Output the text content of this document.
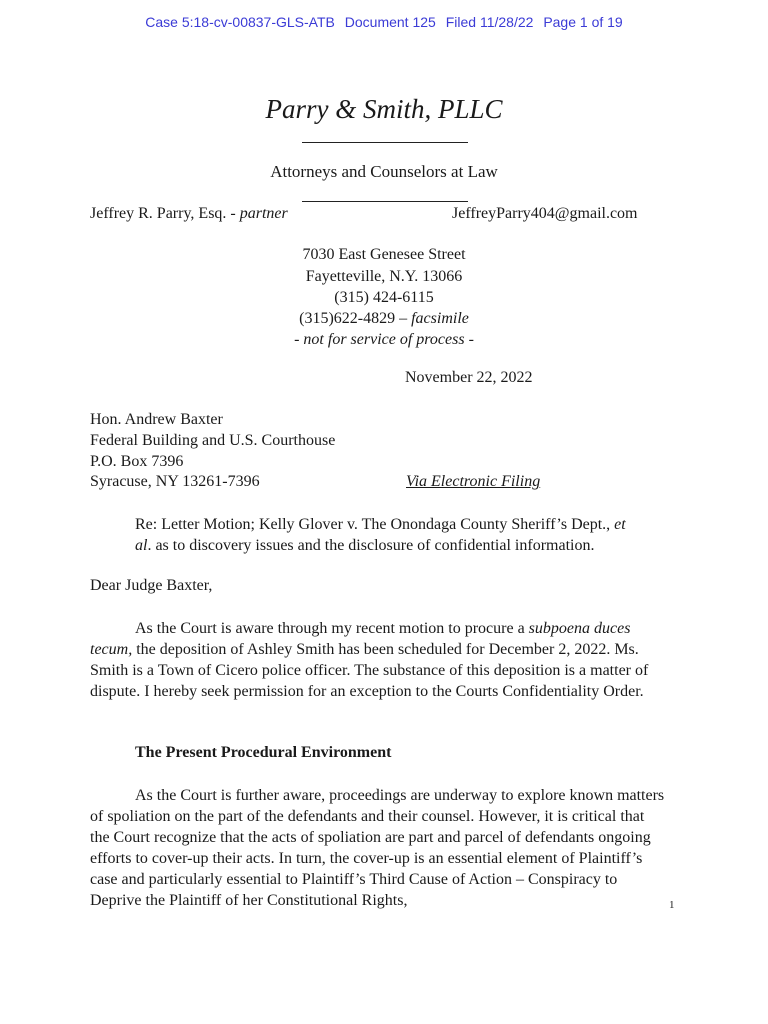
Case 5:18-cv-00837-GLS-ATB Document 125 Filed 11/28/22 Page 1 of 19
Parry & Smith, PLLC
Attorneys and Counselors at Law
Jeffrey R. Parry, Esq. - partner	JeffreyParry404@gmail.com
7030 East Genesee Street
Fayetteville, N.Y. 13066
(315) 424-6115
(315)622-4829 – facsimile
- not for service of process -
November 22, 2022
Hon. Andrew Baxter
Federal Building and U.S. Courthouse
P.O. Box 7396
Syracuse, NY 13261-7396	Via Electronic Filing
Re: Letter Motion; Kelly Glover v. The Onondaga County Sheriff’s Dept., et
al. as to discovery issues and the disclosure of confidential information.
Dear Judge Baxter,
As the Court is aware through my recent motion to procure a subpoena duces tecum, the deposition of Ashley Smith has been scheduled for December 2, 2022. Ms. Smith is a Town of Cicero police officer. The substance of this deposition is a matter of dispute. I hereby seek permission for an exception to the Courts Confidentiality Order.
The Present Procedural Environment
As the Court is further aware, proceedings are underway to explore known matters of spoliation on the part of the defendants and their counsel. However, it is critical that the Court recognize that the acts of spoliation are part and parcel of defendants ongoing efforts to cover-up their acts. In turn, the cover-up is an essential element of Plaintiff’s case and particularly essential to Plaintiff’s Third Cause of Action – Conspiracy to Deprive the Plaintiff of her Constitutional Rights,	1
